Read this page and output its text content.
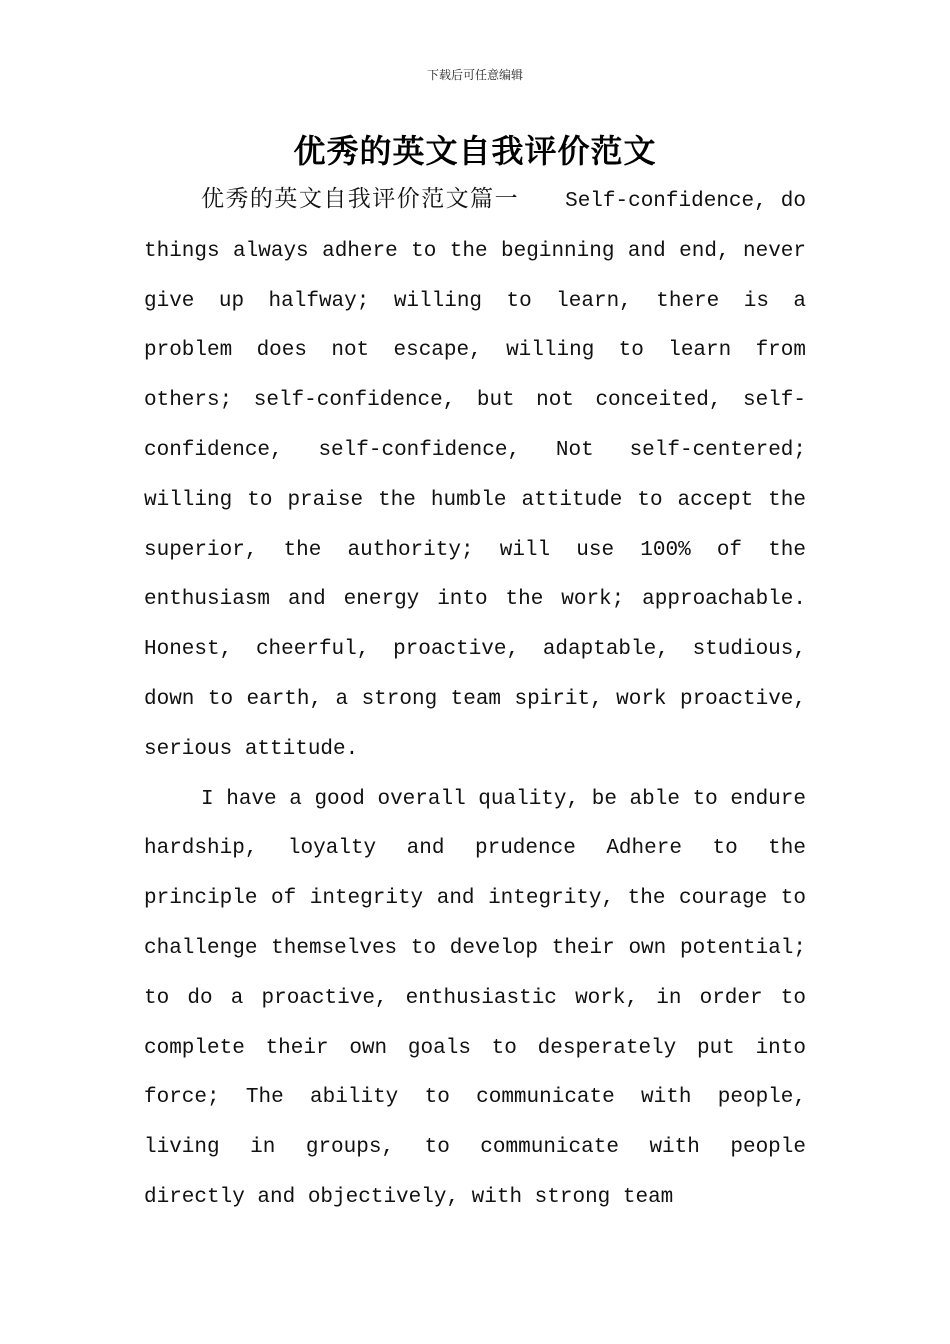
下载后可任意编辑
优秀的英文自我评价范文

优秀的英文自我评价范文篇一 Self-confidence, do things always adhere to the beginning and end, never give up halfway; willing to learn, there is a problem does not escape, willing to learn from others; self-confidence, but not conceited, self-confidence, self-confidence, Not self-centered; willing to praise the humble attitude to accept the superior, the authority; will use 100% of the enthusiasm and energy into the work; approachable. Honest, cheerful, proactive, adaptable, studious, down to earth, a strong team spirit, work proactive, serious attitude.

I have a good overall quality, be able to endure hardship, loyalty and prudence Adhere to the principle of integrity and integrity, the courage to challenge themselves to develop their own potential; to do a proactive, enthusiastic work, in order to complete their own goals to desperately put into force; The ability to communicate with people, living in groups, to communicate with people directly and objectively, with strong team
